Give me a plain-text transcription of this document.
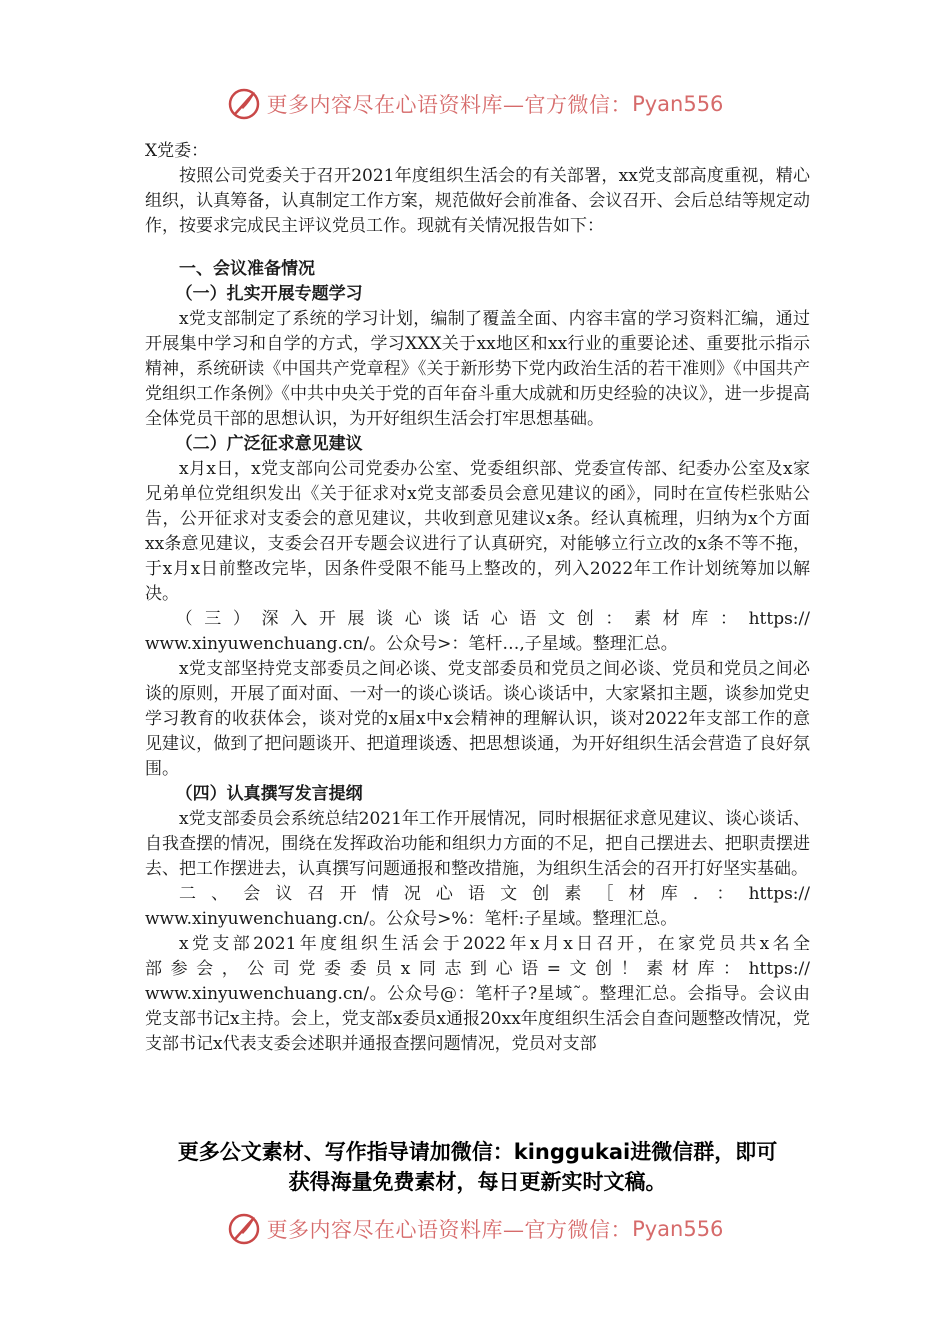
更多内容尽在心语资料库—官方微信： Pyan556

X党委：

按照公司党委关于召开2021年度组织生活会的有关部署，xx党支部高度重视，精心组织，认真筹备，认真制定工作方案，规范做好会前准备、会议召开、会后总结等规定动作，按要求完成民主评议党员工作。现就有关情况报告如下：

一、会议准备情况

（一）扎实开展专题学习

x党支部制定了系统的学习计划，编制了覆盖全面、内容丰富的学习资料汇编，通过开展集中学习和自学的方式，学习XXX关于xx地区和xx行业的重要论述、重要批示指示精神，系统研读《中国共产党章程》《关于新形势下党内政治生活的若干准则》《中国共产党组织工作条例》《中共中央关于党的百年奋斗重大成就和历史经验的决议》，进一步提高全体党员干部的思想认识，为开好组织生活会打牢思想基础。

（二）广泛征求意见建议

x月x日，x党支部向公司党委办公室、党委组织部、党委宣传部、纪委办公室及x家兄弟单位党组织发出《关于征求对x党支部委员会意见建议的函》，同时在宣传栏张贴公告，公开征求对支委会的意见建议，共收到意见建议x条。经认真梳理，归纳为x个方面xx条意见建议，支委会召开专题会议进行了认真研究，对能够立行立改的x条不等不拖，于x月x日前整改完毕，因条件受限不能马上整改的，列入2022年工作计划统筹加以解决。

（三）深入开展谈心谈话心语文创：素材库：https://

www.xinyuwenchuang.cn/。公众号>：笔杆…,子星域。整理汇总。

x党支部坚持党支部委员之间必谈、党支部委员和党员之间必谈、党员和党员之间必谈的原则，开展了面对面、一对一的谈心谈话。谈心谈话中，大家紧扣主题，谈参加党史学习教育的收获体会，谈对党的x届x中x会精神的理解认识，谈对2022年支部工作的意见建议，做到了把问题谈开、把道理谈透、把思想谈通，为开好组织生活会营造了良好氛围。

（四）认真撰写发言提纲

x党支部委员会系统总结2021年工作开展情况，同时根据征求意见建议、谈心谈话、自我查摆的情况，围绕在发挥政治功能和组织力方面的不足，把自己摆进去、把职责摆进去、把工作摆进去，认真撰写问题通报和整改措施，为组织生活会的召开打好坚实基础。

二、会议召开情况心语文创素［材库．：https://

www.xinyuwenchuang.cn/。公众号>%：笔杆:子星域。整理汇总。

x党支部2021年度组织生活会于2022年x月x日召开，在家党员共x名全

部参会，公司党委委员x同志到心语=文创！素材库：https://

www.xinyuwenchuang.cn/。公众号@：笔杆子?星域˜。整理汇总。会指导。会议由党支部书记x主持。会上，党支部x委员x通报20xx年度组织生活会自查问题整改情况，党支部书记x代表支委会述职并通报查摆问题情况，党员对支部

更多公文素材、写作指导请加微信：kinggukai进微信群，即可
获得海量免费素材，每日更新实时文稿。
更多内容尽在心语资料库—官方微信： Pyan556
